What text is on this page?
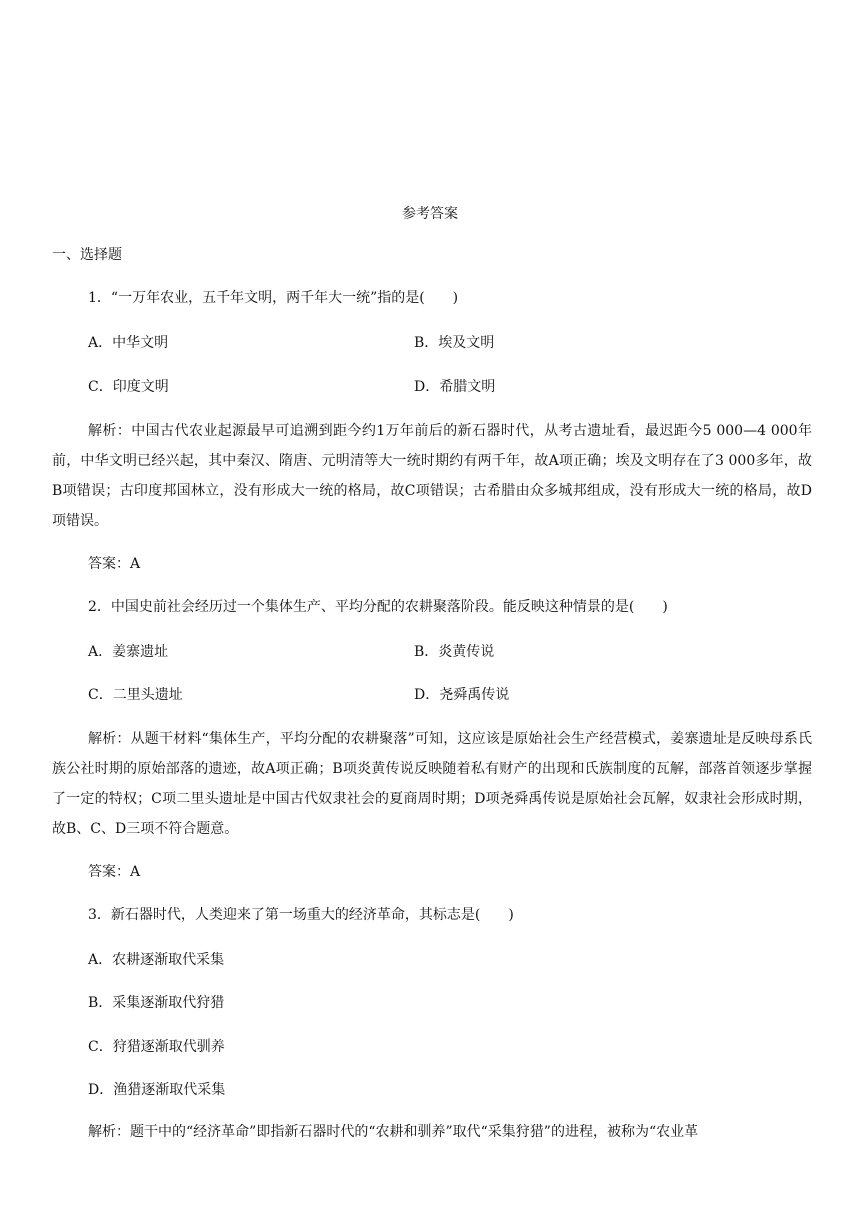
参考答案
一、选择题
1．“一万年农业，五千年文明，两千年大一统”指的是(　　)
A．中华文明	B．埃及文明
C．印度文明	D．希腊文明
解析：中国古代农业起源最早可追溯到距今约1万年前后的新石器时代，从考古遗址看，最迟距今5 000—4 000年前，中华文明已经兴起，其中秦汉、隋唐、元明清等大一统时期约有两千年，故A项正确；埃及文明存在了3 000多年，故B项错误；古印度邦国林立，没有形成大一统的格局，故C项错误；古希腊由众多城邦组成，没有形成大一统的格局，故D项错误。
答案：A
2．中国史前社会经历过一个集体生产、平均分配的农耕聚落阶段。能反映这种情景的是(　　)
A．姜寨遗址	B．炎黄传说
C．二里头遗址	D．尧舜禹传说
解析：从题干材料“集体生产，平均分配的农耕聚落”可知，这应该是原始社会生产经营模式，姜寨遗址是反映母系氏族公社时期的原始部落的遗迹，故A项正确；B项炎黄传说反映随着私有财产的出现和氏族制度的瓦解，部落首领逐步掌握了一定的特权；C项二里头遗址是中国古代奴隶社会的夏商周时期；D项尧舜禹传说是原始社会瓦解，奴隶社会形成时期，故B、C、D三项不符合题意。
答案：A
3．新石器时代，人类迎来了第一场重大的经济革命，其标志是(　　)
A．农耕逐渐取代采集
B．采集逐渐取代狩猎
C．狩猎逐渐取代驯养
D．渔猎逐渐取代采集
解析：题干中的“经济革命”即指新石器时代的“农耕和驯养”取代“采集狩猎”的进程，被称为“农业革
